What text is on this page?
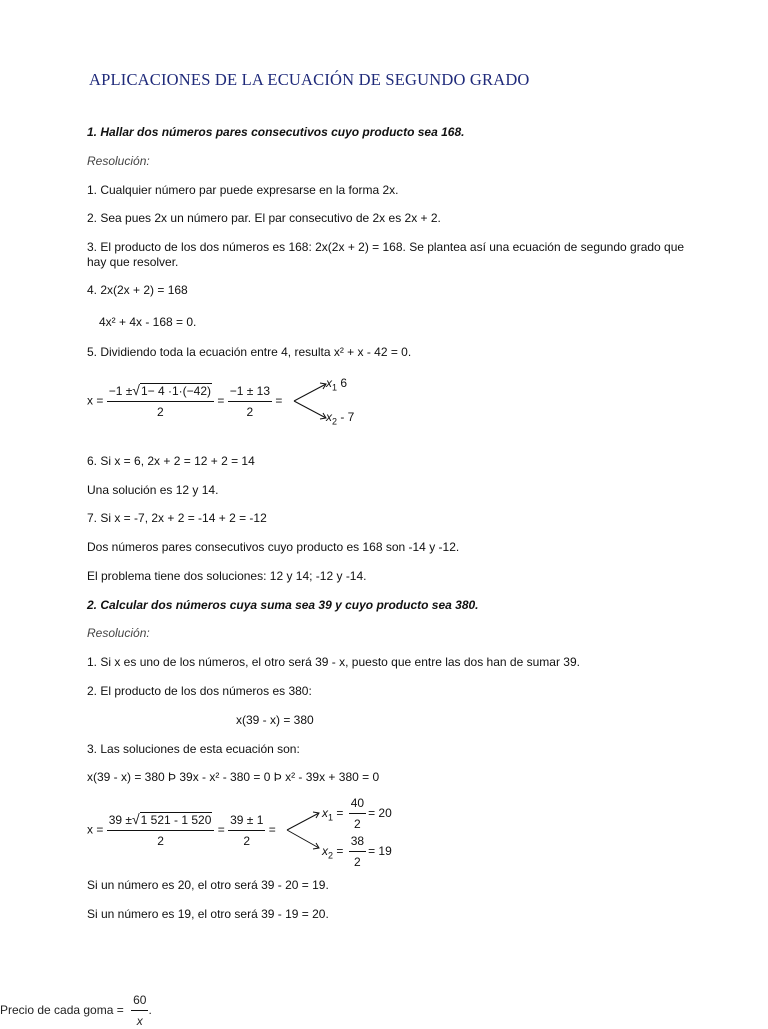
APLICACIONES DE LA ECUACIÓN DE SEGUNDO GRADO
1. Hallar dos números pares consecutivos cuyo producto sea 168.
Resolución:
1. Cualquier número par puede expresarse en la forma 2x.
2. Sea pues 2x un número par. El par consecutivo de 2x es 2x + 2.
3. El producto de los dos números es 168: 2x(2x + 2) = 168. Se plantea así una ecuación de segundo grado que hay que resolver.
4. 2x(2x + 2) = 168
4x² + 4x - 168 = 0.
5. Dividiendo toda la ecuación entre 4, resulta x² + x - 42 = 0.
$x = \frac{-1 \pm√1- 4 \cdot 1\cdot(-42)}{2} = \frac{-1 \pm 13}{2}$ =
$x_1$ 6
$x_2 - 7$
6. Si x = 6, 2x + 2 = 12 + 2 = 14
Una solución es 12 y 14.
7. Si x = -7, 2x + 2 = -14 + 2 = -12
Dos números pares consecutivos cuyo producto es 168 son -14 y -12.
El problema tiene dos soluciones: 12 y 14; -12 y -14.
2. Calcular dos números cuya suma sea 39 y cuyo producto sea 380.
Resolución:
1. Si x es uno de los números, el otro será 39 - x, puesto que entre las dos han de sumar 39.
2. El producto de los dos números es 380:
x(39 - x) = 380
3. Las soluciones de esta ecuación son:
x(39 - x) = 380 Þ 39x - x² - 380 = 0 Þ x² - 39x + 380 = 0
$x = \frac{39 \pm√1 521 - 1 520}{2} = \frac{39 \pm 1}{2}$ =
$x_1 = \frac{40}{2} = 20$
$x_2 = \frac{38}{2} = 19$
Si un número es 20, el otro será 39 - 20 = 19.
Si un número es 19, el otro será 39 - 19 = 20.
Precio de cada goma = $\frac{60}{x}$ .
